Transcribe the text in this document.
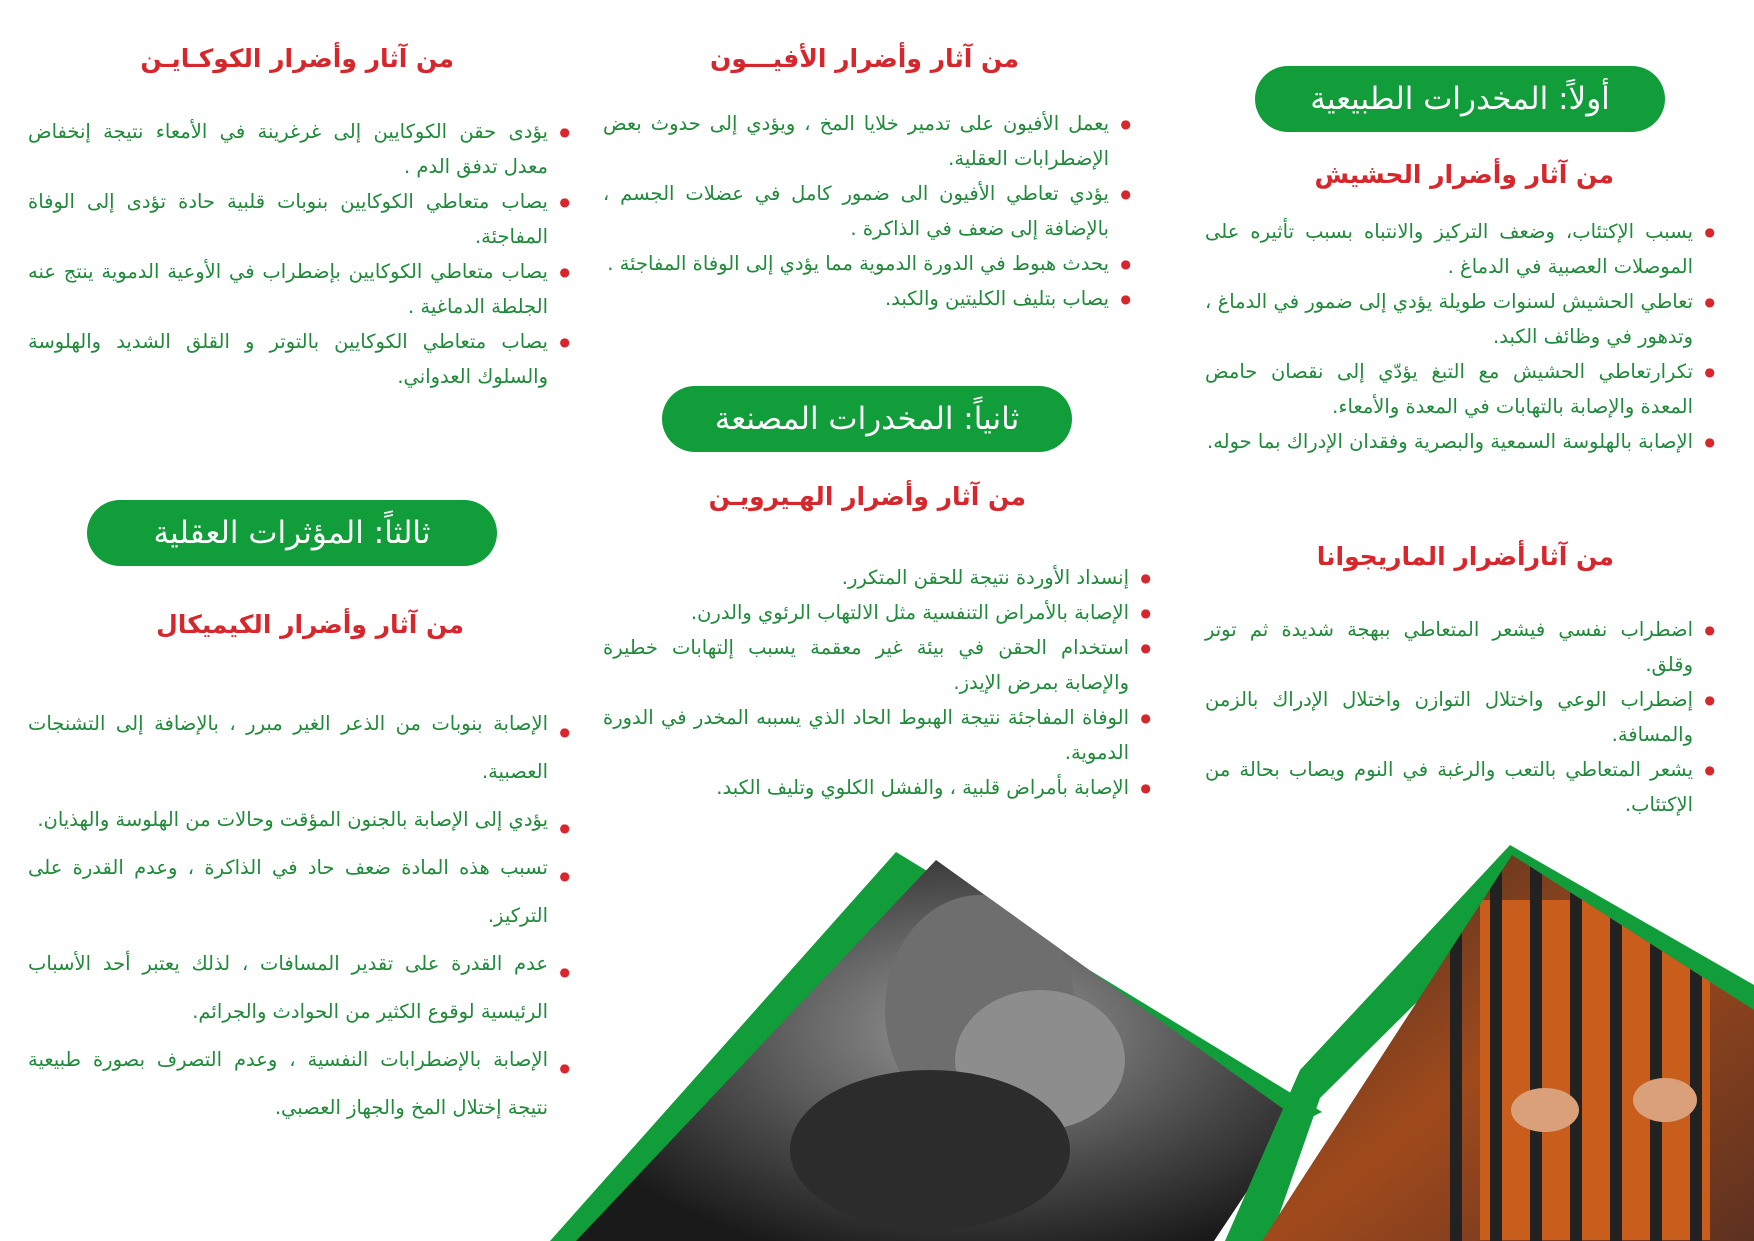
أولاً: المخدرات الطبيعية
من آثار وأضرار الحشيش
● يسبب الإكتئاب، وضعف التركيز والانتباه بسبب تأثيره على الموصلات العصبية في الدماغ .
● تعاطي الحشيش لسنوات طويلة يؤدي إلى ضمور في الدماغ ، وتدهور في وظائف الكبد.
● تكرارتعاطي الحشيش مع التبغ يؤدّي إلى نقصان حامض المعدة والإصابة بالتهابات في المعدة والأمعاء.
● الإصابة بالهلوسة السمعية والبصرية وفقدان الإدراك بما حوله.
من آثارأضرار الماريجوانا
● اضطراب نفسي فيشعر المتعاطي ببهجة شديدة ثم توتر وقلق.
● إضطراب الوعي واختلال التوازن واختلال الإدراك بالزمن والمسافة.
● يشعر المتعاطي بالتعب والرغبة في النوم ويصاب بحالة من الإكتئاب.
من آثار وأضرار الأفيـــون
● يعمل الأفيون على تدمير خلايا المخ ، ويؤدي إلى حدوث بعض الإضطرابات العقلية.
● يؤدي تعاطي الأفيون الى ضمور كامل في عضلات الجسم ، بالإضافة إلى ضعف في الذاكرة .
● يحدث هبوط في الدورة الدموية مما يؤدي إلى الوفاة المفاجئة .
● يصاب بتليف الكليتين والكبد.
ثانياً: المخدرات المصنعة
من آثار وأضرار الهـيرويـن
● إنسداد الأوردة نتيجة للحقن المتكرر.
● الإصابة بالأمراض التنفسية مثل الالتهاب الرئوي والدرن.
● استخدام الحقن في بيئة غير معقمة يسبب إلتهابات خطيرة والإصابة بمرض الإيدز.
● الوفاة المفاجئة نتيجة الهبوط الحاد الذي يسببه المخدر في الدورة الدموية.
● الإصابة بأمراض قلبية ، والفشل الكلوي وتليف الكبد.
من آثار وأضرار الكوكـايـن
● يؤدى حقن الكوكايين إلى غرغرينة في الأمعاء نتيجة إنخفاض معدل تدفق الدم .
● يصاب متعاطي الكوكايين بنوبات قلبية حادة تؤدى إلى الوفاة المفاجئة.
● يصاب متعاطي الكوكايين بإضطراب في الأوعية الدموية ينتج عنه الجلطة الدماغية .
● يصاب متعاطي الكوكايين بالتوتر و القلق الشديد والهلوسة والسلوك العدواني.
ثالثاً: المؤثرات العقلية
من آثار وأضرار الكيميكال
● الإصابة بنوبات من الذعر الغير مبرر ، بالإضافة إلى التشنجات العصبية.
● يؤدي إلى الإصابة بالجنون المؤقت وحالات من الهلوسة والهذيان.
● تسبب هذه المادة ضعف حاد في الذاكرة ، وعدم القدرة على التركيز.
● عدم القدرة على تقدير المسافات ، لذلك يعتبر أحد الأسباب الرئيسية لوقوع الكثير من الحوادث والجرائم.
● الإصابة بالإضطرابات النفسية ، وعدم التصرف بصورة طبيعية نتيجة إختلال المخ والجهاز العصبي.
